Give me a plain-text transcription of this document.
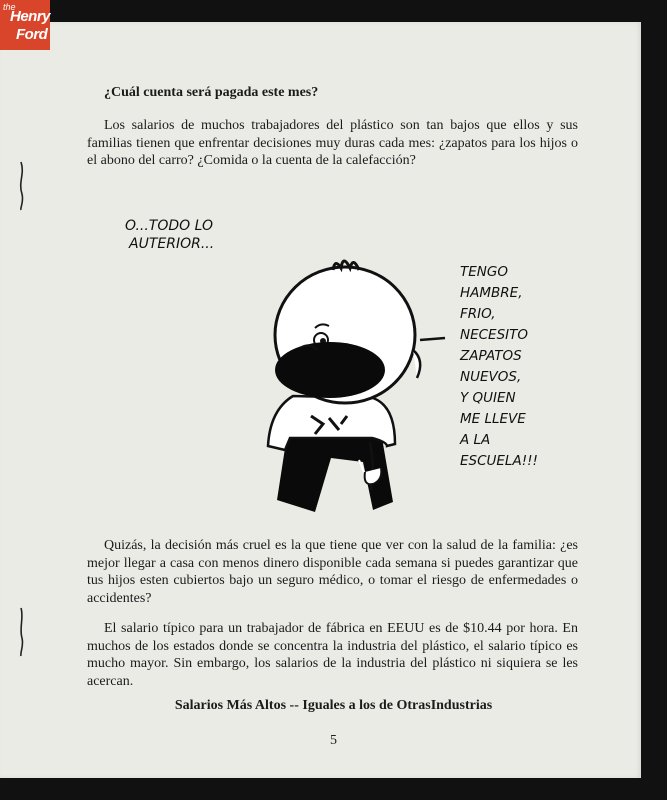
the
Henry
Ford
¿Cuál cuenta será pagada este mes?

Los salarios de muchos trabajadores del plástico son tan bajos que ellos y sus familias tienen que enfrentar decisiones muy duras cada mes: ¿zapatos para los hijos o el abono del carro? ¿Comida o la cuenta de la calefacción?

O...TODO LO
AUTERIOR...
TENGO
HAMBRE,
FRIO,
NECESITO
ZAPATOS
NUEVOS,
Y QUIEN
ME LLEVE
A LA
ESCUELA!!!

Quizás, la decisión más cruel es la que tiene que ver con la salud de la familia: ¿es mejor llegar a casa con menos dinero disponible cada semana si puedes garantizar que tus hijos esten cubiertos bajo un seguro médico, o tomar el riesgo de enfermedades o accidentes?

El salario típico para un trabajador de fábrica en EEUU es de $10.44 por hora. En muchos de los estados donde se concentra la industria del plástico, el salario típico es mucho mayor. Sin embargo, los salarios de la industria del plástico ni siquiera se les acercan.

Salarios Más Altos -- Iguales a los de OtrasIndustrias
5
